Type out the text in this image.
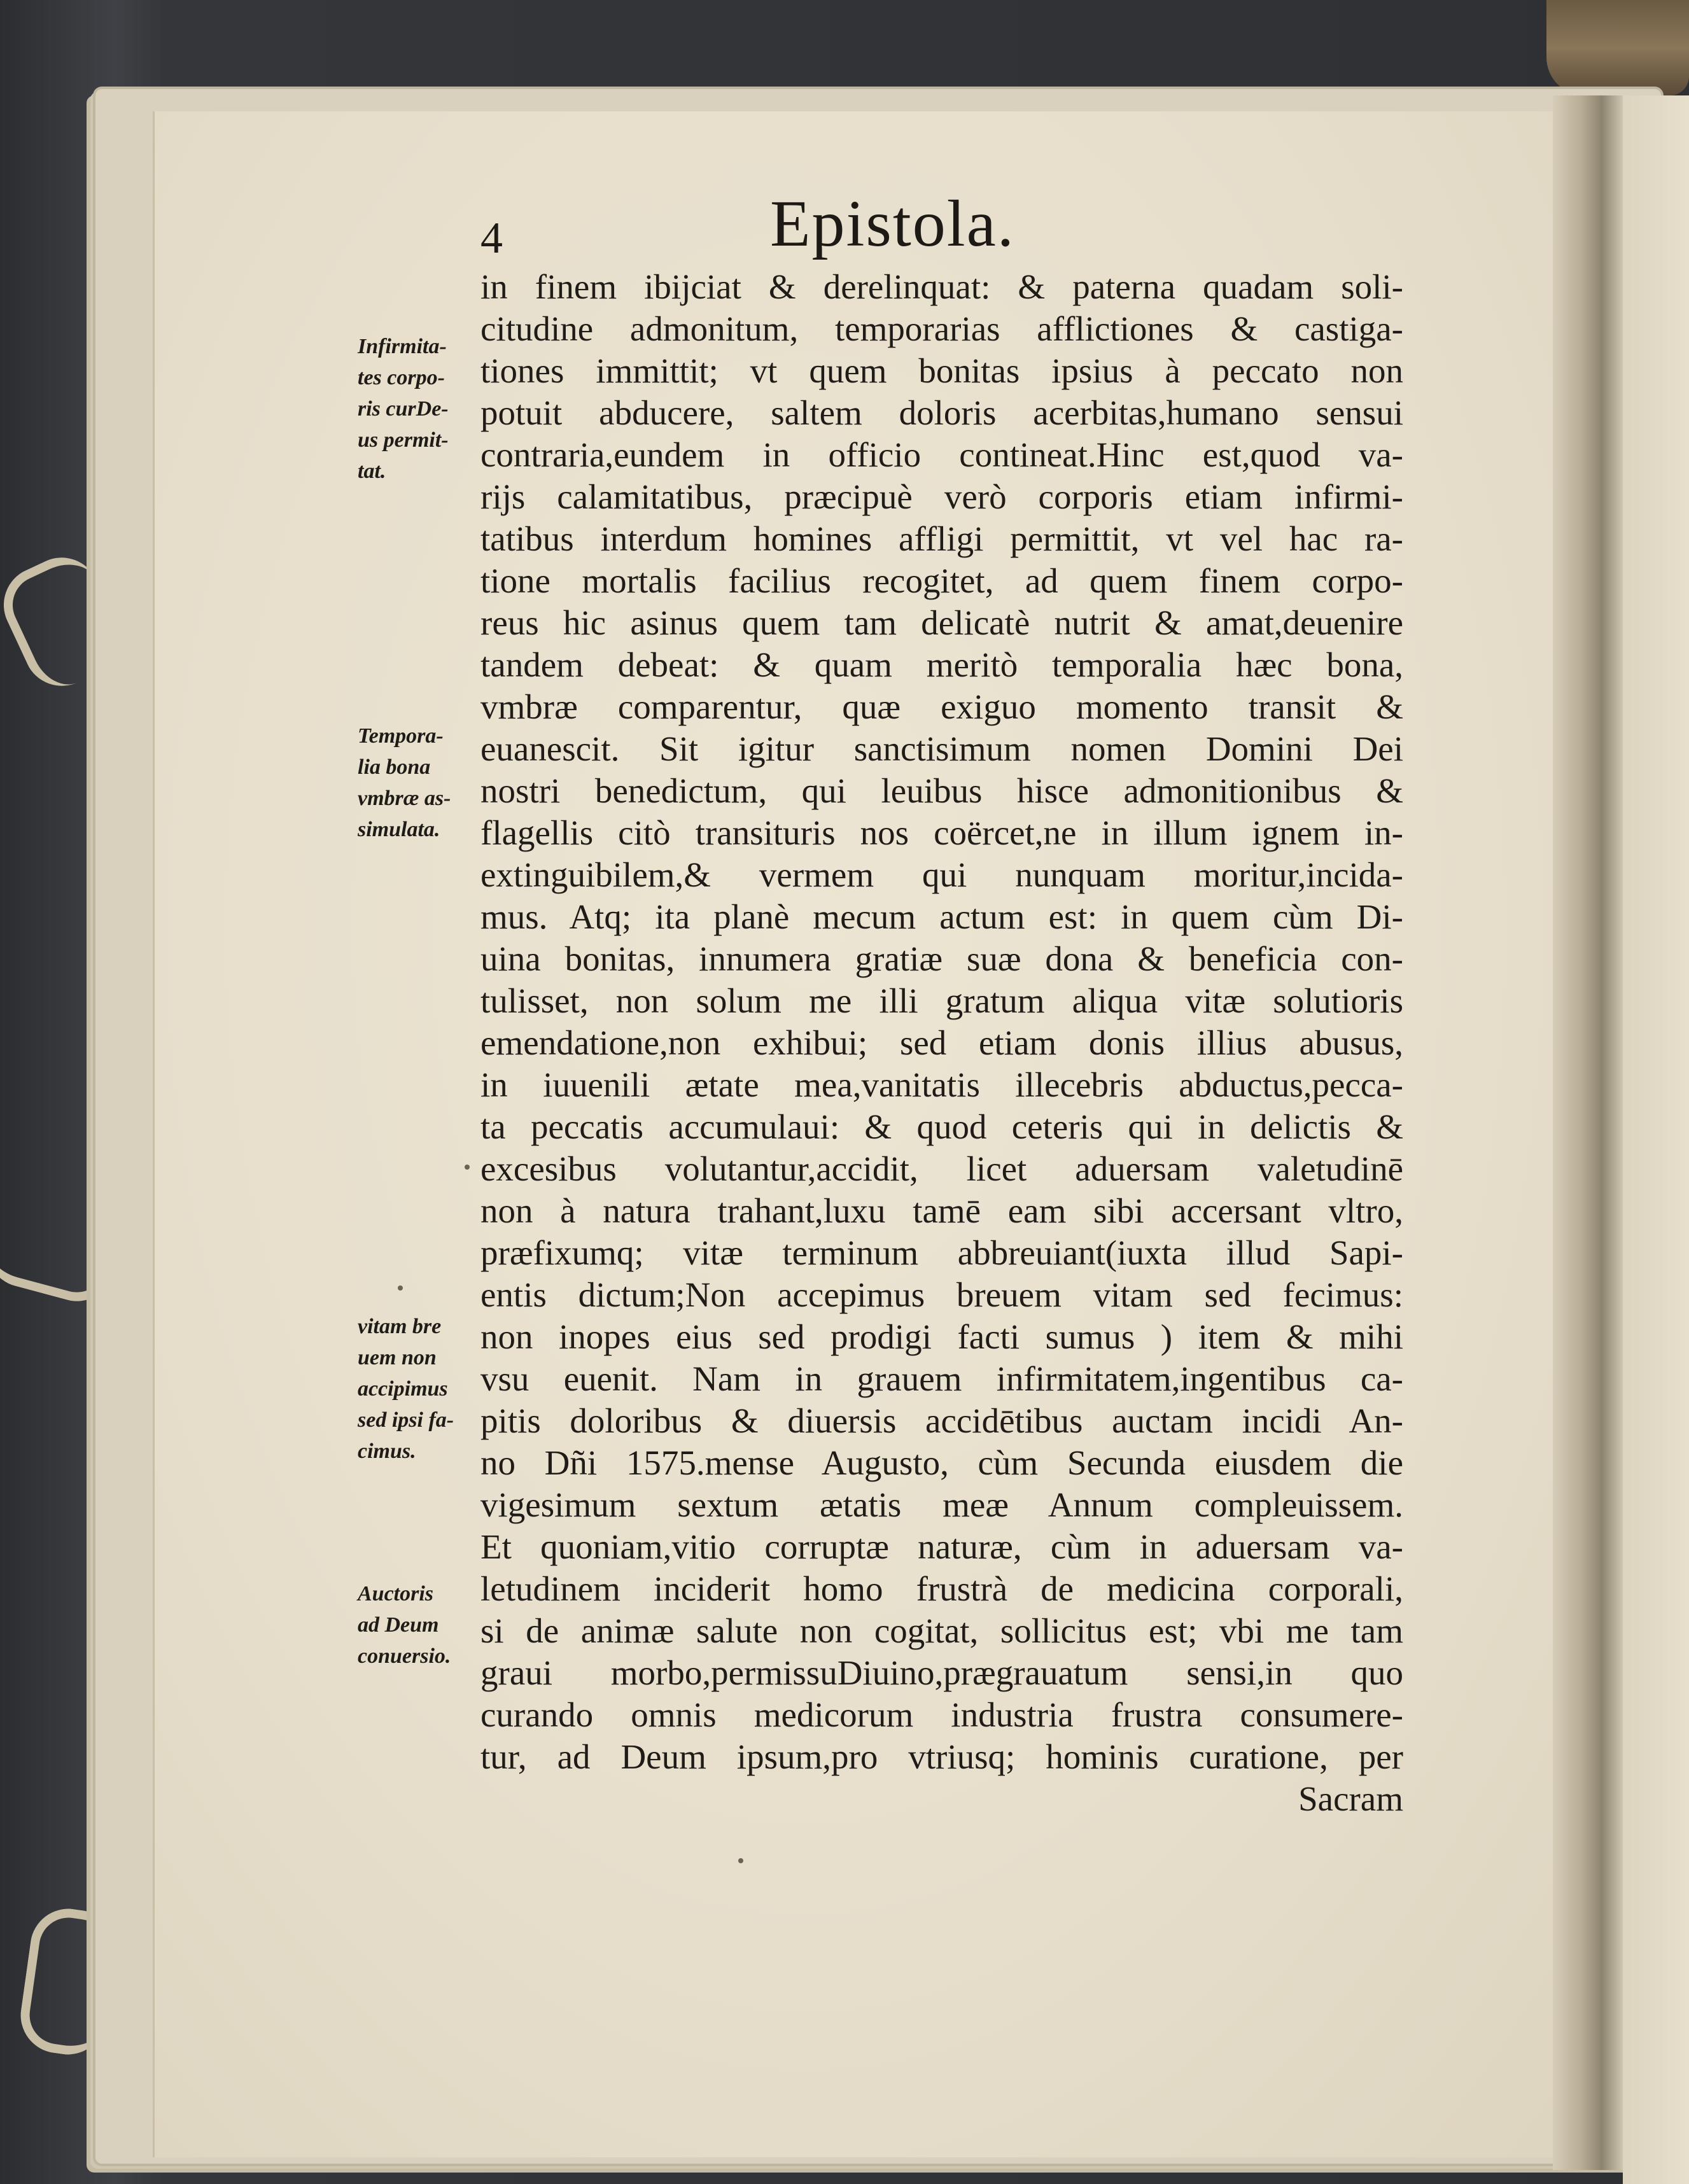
4	Epistola.
in finem ibijciat & derelinquat: & paterna quadam soli-
citudine admonitum, temporarias afflictiones & castiga-
tiones immittit; vt quem bonitas ipsius à peccato non
potuit abducere, saltem doloris acerbitas,humano sensui
contraria,eundem in officio contineat.Hinc est,quod va-
rijs calamitatibus, præcipuè verò corporis etiam infirmi-
tatibus interdum homines affligi permittit, vt vel hac ra-
tione mortalis facilius recogitet, ad quem finem corpo-
reus hic asinus quem tam delicatè nutrit & amat,deuenire
tandem debeat: & quam meritò temporalia hæc bona,
vmbræ comparentur, quæ exiguo momento transit &
euanescit. Sit igitur sanctisimum nomen Domini Dei
nostri benedictum, qui leuibus hisce admonitionibus &
flagellis citò transituris nos coërcet,ne in illum ignem in-
extinguibilem,& vermem qui nunquam moritur,incida-
mus. Atq; ita planè mecum actum est: in quem cùm Di-
uina bonitas, innumera gratiæ suæ dona & beneficia con-
tulisset, non solum me illi gratum aliqua vitæ solutioris
emendatione,non exhibui; sed etiam donis illius abusus,
in iuuenili ætate mea,vanitatis illecebris abductus,pecca-
ta peccatis accumulaui: & quod ceteris qui in delictis &
excesibus volutantur,accidit, licet aduersam valetudinē
non à natura trahant,luxu tamē eam sibi accersant vltro,
præfixumq; vitæ terminum abbreuiant(iuxta illud Sapi-
entis dictum;Non accepimus breuem vitam sed fecimus:
non inopes eius sed prodigi facti sumus ) item & mihi
vsu euenit. Nam in grauem infirmitatem,ingentibus ca-
pitis doloribus & diuersis accidētibus auctam incidi An-
no Dñi 1575.mense Augusto, cùm Secunda eiusdem die
vigesimum sextum ætatis meæ Annum compleuissem.
Et quoniam,vitio corruptæ naturæ, cùm in aduersam va-
letudinem inciderit homo frustrà de medicina corporali,
si de animæ salute non cogitat, sollicitus est; vbi me tam
graui morbo,permissuDiuino,prægrauatum sensi,in quo
curando omnis medicorum industria frustra consumere-
tur, ad Deum ipsum,pro vtriusq; hominis curatione, per
Sacram
Infirmita-
tes corpo-
ris curDe-
us permit-
tat.
Tempora-
lia bona
vmbræ as-
simulata.
vitam bre
uem non
accipimus
sed ipsi fa-
cimus.
Auctoris
ad Deum
conuersio.
